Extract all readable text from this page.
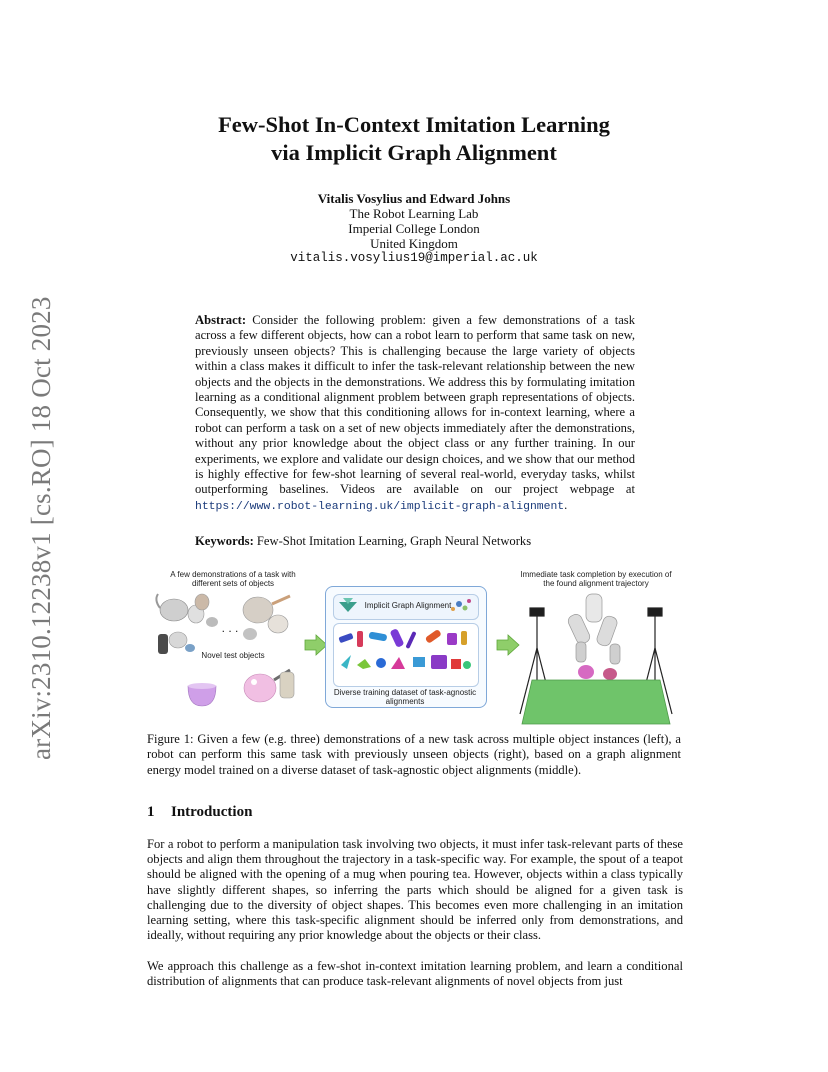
arXiv:2310.12238v1 [cs.RO] 18 Oct 2023
Few-Shot In-Context Imitation Learning
via Implicit Graph Alignment
Vitalis Vosylius and Edward Johns
The Robot Learning Lab
Imperial College London
United Kingdom
vitalis.vosylius19@imperial.ac.uk
Abstract: Consider the following problem: given a few demonstrations of a task across a few different objects, how can a robot learn to perform that same task on new, previously unseen objects? This is challenging because the large variety of objects within a class makes it difficult to infer the task-relevant relationship between the new objects and the objects in the demonstrations. We address this by formulating imitation learning as a conditional alignment problem between graph representations of objects. Consequently, we show that this conditioning allows for in-context learning, where a robot can perform a task on a set of new objects immediately after the demonstrations, without any prior knowledge about the object class or any further training. In our experiments, we explore and validate our design choices, and we show that our method is highly effective for few-shot learning of several real-world, everyday tasks, whilst outperforming baselines. Videos are available on our project webpage at https://www.robot-learning.uk/implicit-graph-alignment.
Keywords: Few-Shot Imitation Learning, Graph Neural Networks
A few demonstrations of a task with different sets of objects
. . .
Novel test objects
Implicit Graph Alignment
Diverse training dataset of task-agnostic alignments
Immediate task completion by execution of the found alignment trajectory
Figure 1: Given a few (e.g. three) demonstrations of a new task across multiple object instances (left), a robot can perform this same task with previously unseen objects (right), based on a graph alignment energy model trained on a diverse dataset of task-agnostic object alignments (middle).
1 Introduction

For a robot to perform a manipulation task involving two objects, it must infer task-relevant parts of these objects and align them throughout the trajectory in a task-specific way. For example, the spout of a teapot should be aligned with the opening of a mug when pouring tea. However, objects within a class typically have slightly different shapes, so inferring the parts which should be aligned for a given task is challenging due to the diversity of object shapes. This becomes even more challenging in an imitation learning setting, where this task-specific alignment should be inferred only from demonstrations, and ideally, without requiring any prior knowledge about the objects or their class.

We approach this challenge as a few-shot in-context imitation learning problem, and learn a conditional distribution of alignments that can produce task-relevant alignments of novel objects from just
